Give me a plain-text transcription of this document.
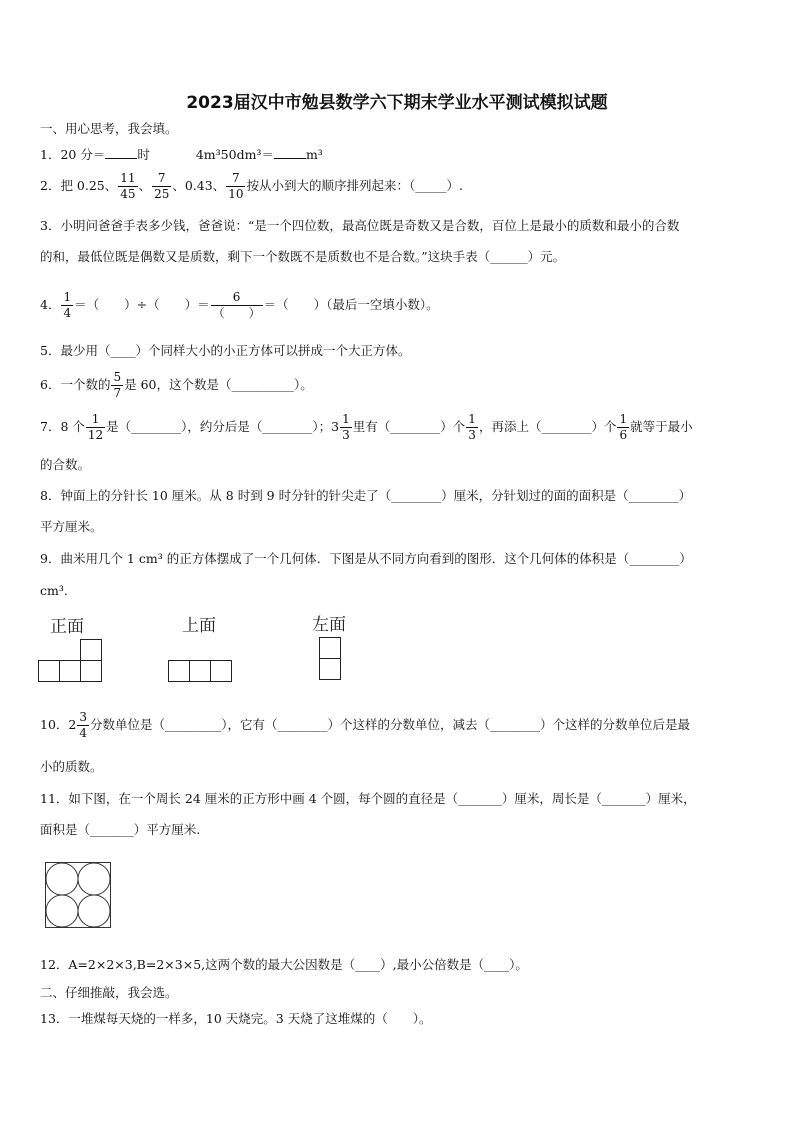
2023届汉中市勉县数学六下期末学业水平测试模拟试题
一、用心思考，我会填。
1．20 分＝	时	4m³50dm³＝	m³
2．把 0.25、 $\frac{11}{45}$ 、 $\frac{7}{25}$ 、0.43、 $\frac{7}{10}$ 按从小到大的顺序排列起来：（_____）.
3．小明问爸爸手表多少钱，爸爸说：“是一个四位数，最高位既是奇数又是合数，百位上是最小的质数和最小的合数
的和，最低位既是偶数又是质数，剩下一个数既不是质数也不是合数。”这块手表（______）元。
4． $\frac{1}{4}$ ＝（　　）÷（　　）＝	6
（　　）
＝（　　）（最后一空填小数）。
5．最少用（____）个同样大小的小正方体可以拼成一个大正方体。
6．一个数的 $\frac{5}{7}$ 是 60，这个数是（__________）。
7．8 个 $\frac{1}{12}$ 是（________），约分后是（________）；$3 \frac{1}{3}$ 里有（________）个 $\frac{1}{3}$ ，再添上（________）个 $\frac{1}{6}$ 就等于最小
的合数。
8．钟面上的分针长 10 厘米。从 8 时到 9 时分针的针尖走了（________）厘米，分针划过的面的面积是（________）
平方厘米。
9．曲米用几个 1 cm³ 的正方体摆成了一个几何体．下图是从不同方向看到的图形．这个几何体的体积是（________）
cm³.
正面	上面	左面
10．$2 \frac{3}{4}$ 分数单位是（_________），它有（________）个这样的分数单位，减去（________）个这样的分数单位后是最
小的质数。
11．如下图，在一个周长 24 厘米的正方形中画 4 个圆，每个圆的直径是（_______）厘米，周长是（_______）厘米，
面积是（_______）平方厘米.
12．A=2×2×3,B=2×3×5,这两个数的最大公因数是（____）,最小公倍数是（____）。
二、仔细推敲，我会选。
13．一堆煤每天烧的一样多，10 天烧完。3 天烧了这堆煤的（　　）。
